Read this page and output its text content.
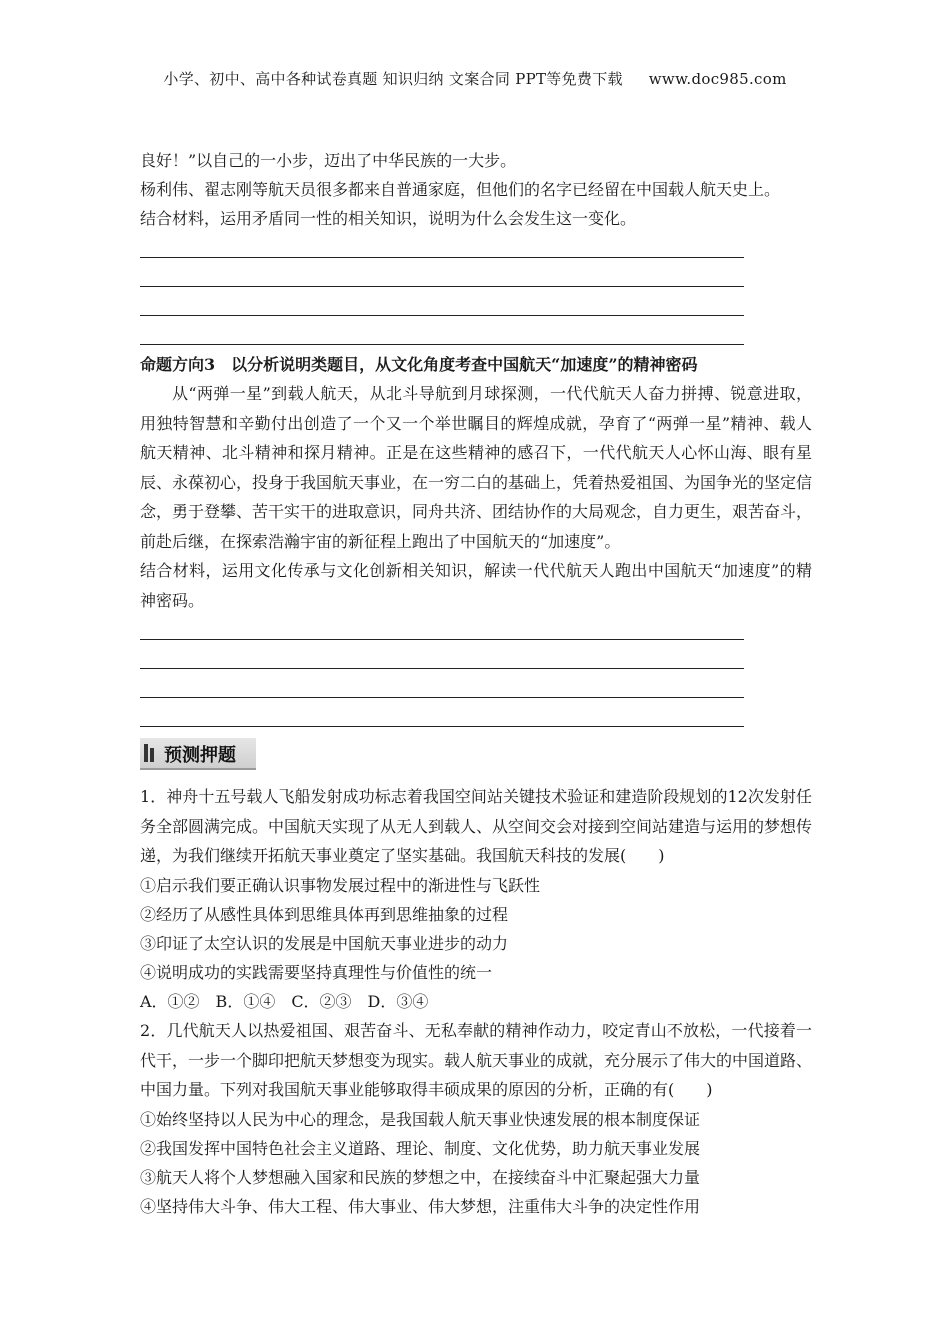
小学、初中、高中各种试卷真题 知识归纳 文案合同 PPT等免费下载 www.doc985.com
良好！”以自己的一小步，迈出了中华民族的一大步。
杨利伟、翟志刚等航天员很多都来自普通家庭，但他们的名字已经留在中国载人航天史上。
结合材料，运用矛盾同一性的相关知识，说明为什么会发生这一变化。
命题方向3　以分析说明类题目，从文化角度考查中国航天“加速度”的精神密码
从“两弹一星”到载人航天，从北斗导航到月球探测，一代代航天人奋力拼搏、锐意进取，用独特智慧和辛勤付出创造了一个又一个举世瞩目的辉煌成就，孕育了“两弹一星”精神、载人航天精神、北斗精神和探月精神。正是在这些精神的感召下，一代代航天人心怀山海、眼有星辰、永葆初心，投身于我国航天事业，在一穷二白的基础上，凭着热爱祖国、为国争光的坚定信念，勇于登攀、苦干实干的进取意识，同舟共济、团结协作的大局观念，自力更生，艰苦奋斗，前赴后继，在探索浩瀚宇宙的新征程上跑出了中国航天的“加速度”。
结合材料，运用文化传承与文化创新相关知识，解读一代代航天人跑出中国航天“加速度”的精神密码。
预测押题
1．神舟十五号载人飞船发射成功标志着我国空间站关键技术验证和建造阶段规划的12次发射任务全部圆满完成。中国航天实现了从无人到载人、从空间交会对接到空间站建造与运用的梦想传递，为我们继续开拓航天事业奠定了坚实基础。我国航天科技的发展(　　)
①启示我们要正确认识事物发展过程中的渐进性与飞跃性
②经历了从感性具体到思维具体再到思维抽象的过程
③印证了太空认识的发展是中国航天事业进步的动力
④说明成功的实践需要坚持真理性与价值性的统一
A．①②　B．①④　C．②③　D．③④
2．几代航天人以热爱祖国、艰苦奋斗、无私奉献的精神作动力，咬定青山不放松，一代接着一代干，一步一个脚印把航天梦想变为现实。载人航天事业的成就，充分展示了伟大的中国道路、中国力量。下列对我国航天事业能够取得丰硕成果的原因的分析，正确的有(　　)
①始终坚持以人民为中心的理念，是我国载人航天事业快速发展的根本制度保证
②我国发挥中国特色社会主义道路、理论、制度、文化优势，助力航天事业发展
③航天人将个人梦想融入国家和民族的梦想之中，在接续奋斗中汇聚起强大力量
④坚持伟大斗争、伟大工程、伟大事业、伟大梦想，注重伟大斗争的决定性作用
